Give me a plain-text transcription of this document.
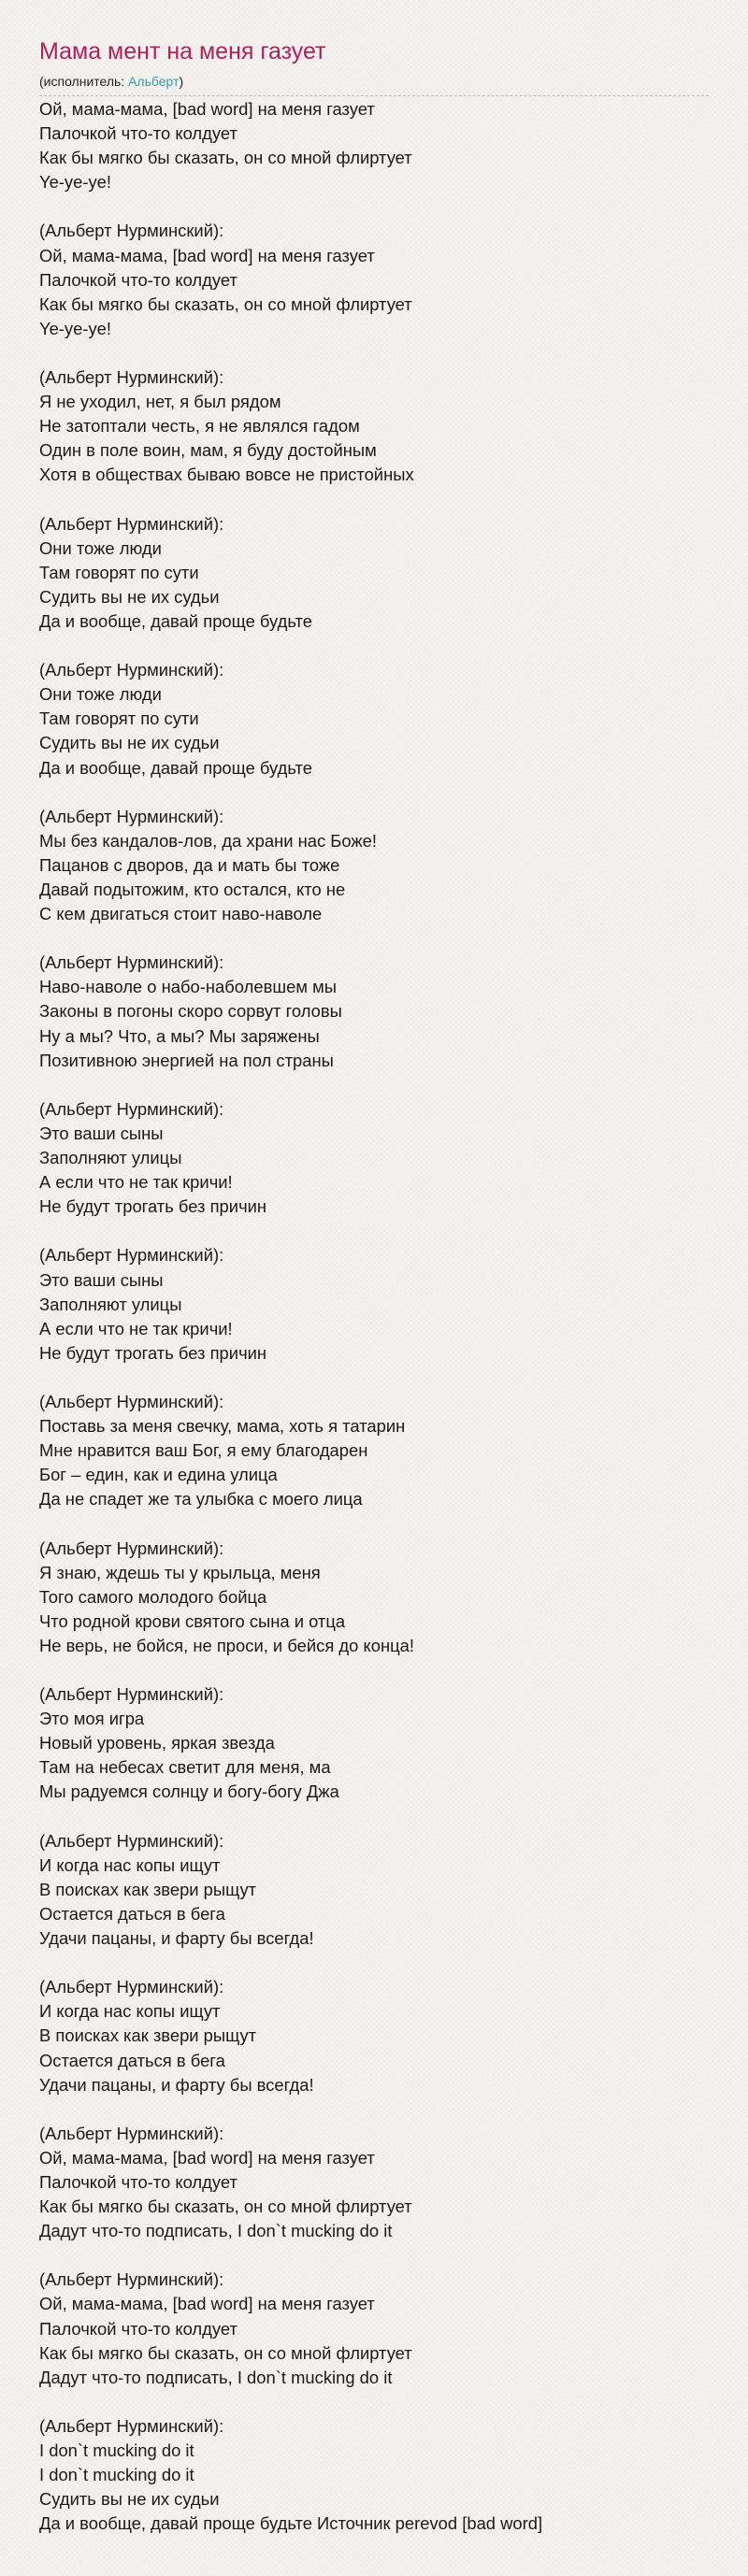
Мама мент на меня газует
(исполнитель: Альберт)
Ой, мама-мама, [bad word] на меня газует
Палочкой что-то колдует
Как бы мягко бы сказать, он со мной флиртует
Ye-ye-ye!
(Альберт Нурминский):
Ой, мама-мама, [bad word] на меня газует
Палочкой что-то колдует
Как бы мягко бы сказать, он со мной флиртует
Ye-ye-ye!
(Альберт Нурминский):
Я не уходил, нет, я был рядом
Не затоптали честь, я не являлся гадом
Один в поле воин, мам, я буду достойным
Хотя в обществах бываю вовсе не пристойных
(Альберт Нурминский):
Они тоже люди
Там говорят по сути
Судить вы не их судьи
Да и вообще, давай проще будьте
(Альберт Нурминский):
Они тоже люди
Там говорят по сути
Судить вы не их судьи
Да и вообще, давай проще будьте
(Альберт Нурминский):
Мы без кандалов-лов, да храни нас Боже!
Пацанов с дворов, да и мать бы тоже
Давай подытожим, кто остался, кто не
С кем двигаться стоит наво-наволе
(Альберт Нурминский):
Наво-наволе о набо-наболевшем мы
Законы в погоны скоро сорвут головы
Ну а мы? Что, а мы? Мы заряжены
Позитивною энергией на пол страны
(Альберт Нурминский):
Это ваши сыны
Заполняют улицы
А если что не так кричи!
Не будут трогать без причин
(Альберт Нурминский):
Это ваши сыны
Заполняют улицы
А если что не так кричи!
Не будут трогать без причин
(Альберт Нурминский):
Поставь за меня свечку, мама, хоть я татарин
Мне нравится ваш Бог, я ему благодарен
Бог – един, как и едина улица
Да не спадет же та улыбка с моего лица
(Альберт Нурминский):
Я знаю, ждешь ты у крыльца, меня
Того самого молодого бойца
Что родной крови святого сына и отца
Не верь, не бойся, не проси, и бейся до конца!
(Альберт Нурминский):
Это моя игра
Новый уровень, яркая звезда
Там на небесах светит для меня, ма
Мы радуемся солнцу и богу-богу Джа
(Альберт Нурминский):
И когда нас копы ищут
В поисках как звери рыщут
Остается даться в бега
Удачи пацаны, и фарту бы всегда!
(Альберт Нурминский):
И когда нас копы ищут
В поисках как звери рыщут
Остается даться в бега
Удачи пацаны, и фарту бы всегда!
(Альберт Нурминский):
Ой, мама-мама, [bad word] на меня газует
Палочкой что-то колдует
Как бы мягко бы сказать, он со мной флиртует
Дадут что-то подписать, I don`t mucking do it
(Альберт Нурминский):
Ой, мама-мама, [bad word] на меня газует
Палочкой что-то колдует
Как бы мягко бы сказать, он со мной флиртует
Дадут что-то подписать, I don`t mucking do it
(Альберт Нурминский):
I don`t mucking do it
I don`t mucking do it
Судить вы не их судьи
Да и вообще, давай проще будьте Источник perevod [bad word]
